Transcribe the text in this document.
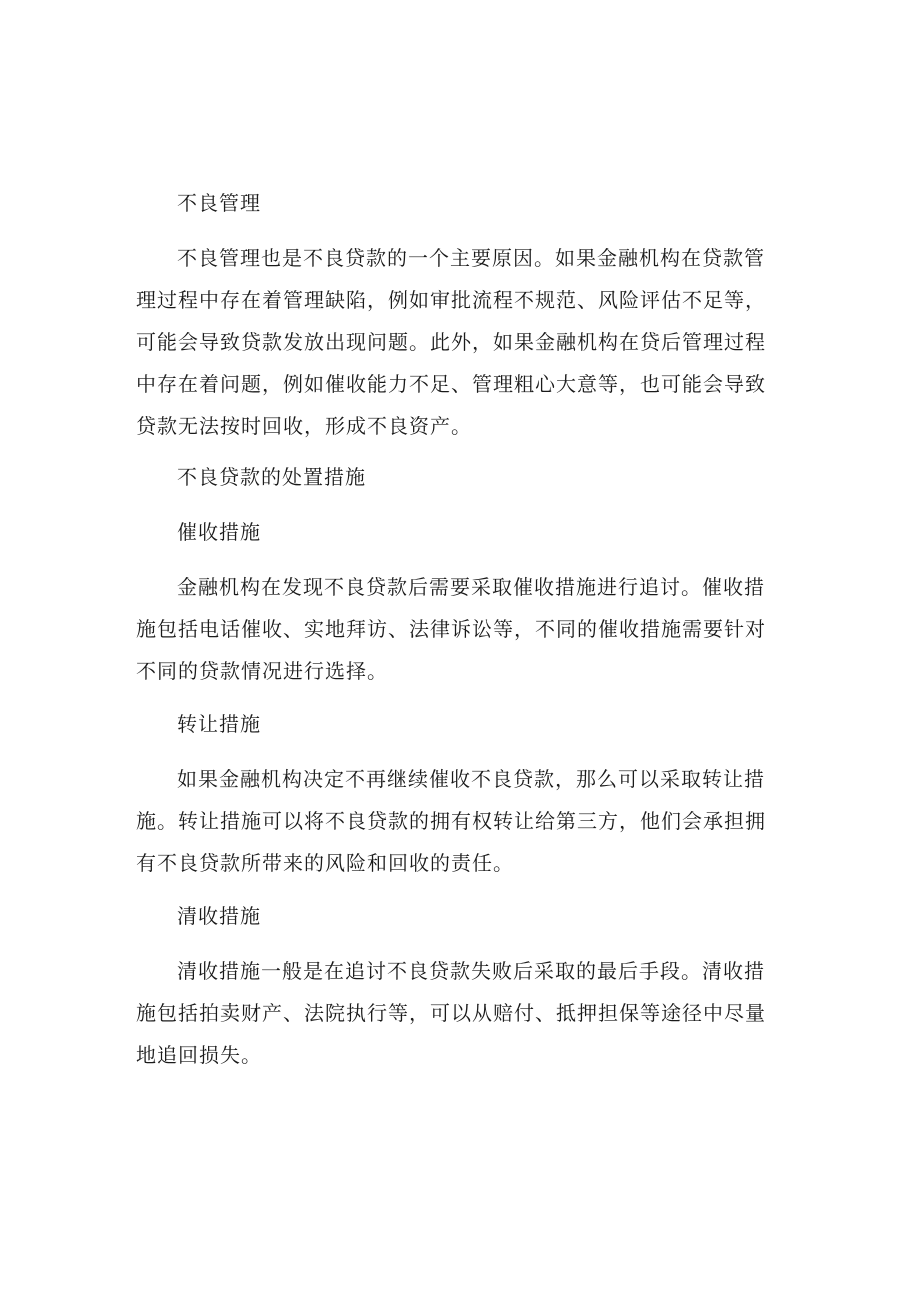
不良管理

不良管理也是不良贷款的一个主要原因。如果金融机构在贷款管理过程中存在着管理缺陷，例如审批流程不规范、风险评估不足等，可能会导致贷款发放出现问题。此外，如果金融机构在贷后管理过程中存在着问题，例如催收能力不足、管理粗心大意等，也可能会导致贷款无法按时回收，形成不良资产。

不良贷款的处置措施

催收措施

金融机构在发现不良贷款后需要采取催收措施进行追讨。催收措施包括电话催收、实地拜访、法律诉讼等，不同的催收措施需要针对不同的贷款情况进行选择。

转让措施

如果金融机构决定不再继续催收不良贷款，那么可以采取转让措施。转让措施可以将不良贷款的拥有权转让给第三方，他们会承担拥有不良贷款所带来的风险和回收的责任。

清收措施

清收措施一般是在追讨不良贷款失败后采取的最后手段。清收措施包括拍卖财产、法院执行等，可以从赔付、抵押担保等途径中尽量地追回损失。
